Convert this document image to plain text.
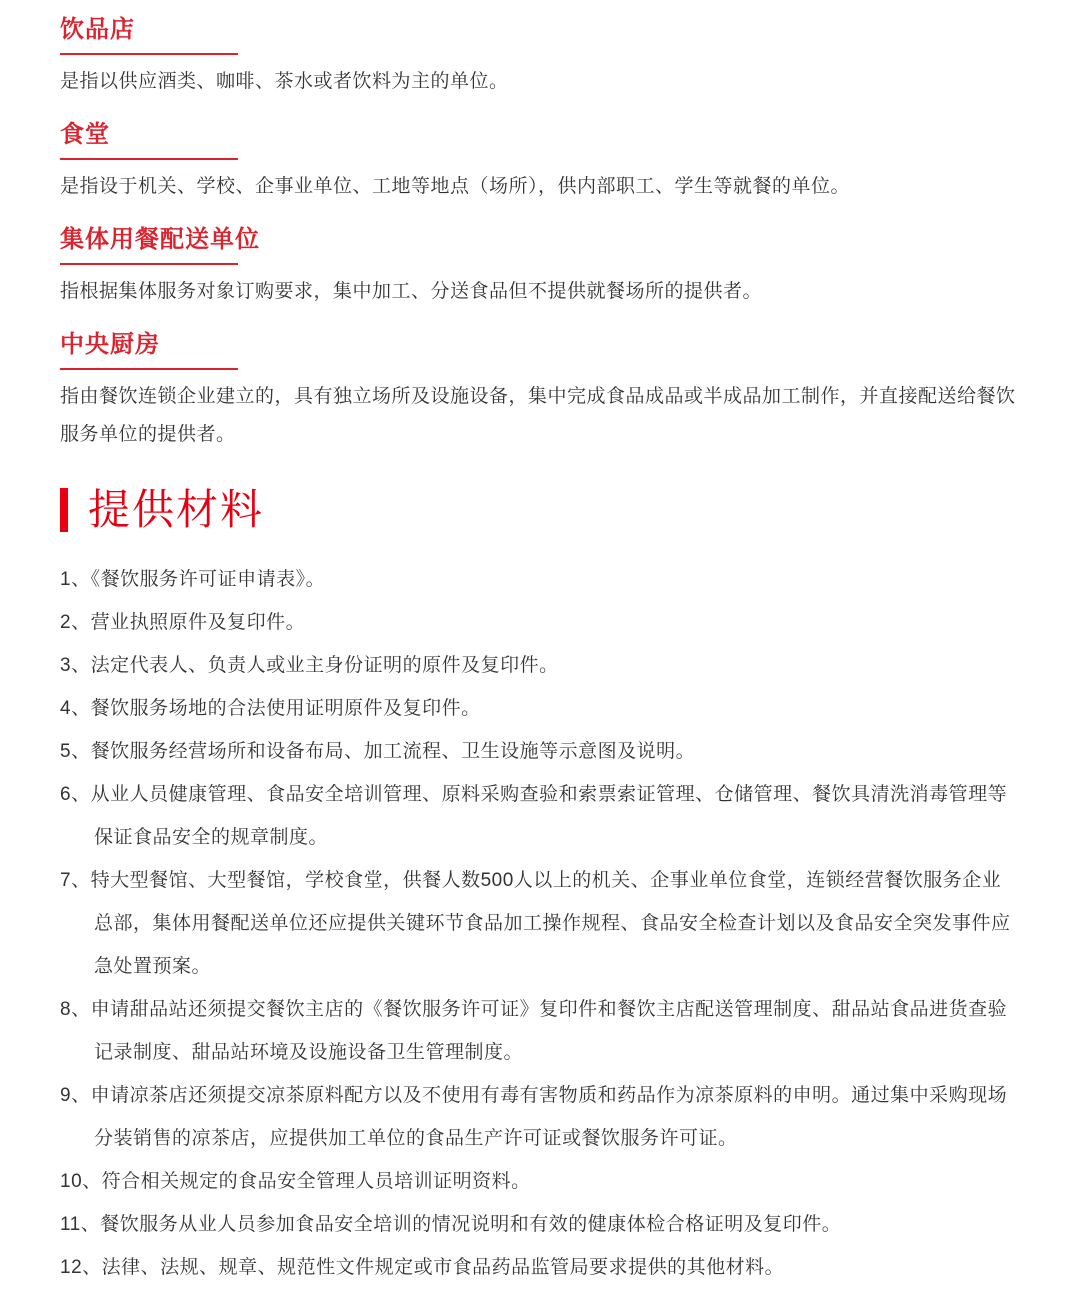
饮品店

是指以供应酒类、咖啡、茶水或者饮料为主的单位。

食堂

是指设于机关、学校、企事业单位、工地等地点（场所），供内部职工、学生等就餐的单位。

集体用餐配送单位

指根据集体服务对象订购要求，集中加工、分送食品但不提供就餐场所的提供者。

中央厨房

指由餐饮连锁企业建立的，具有独立场所及设施设备，集中完成食品成品或半成品加工制作，并直接配送给餐饮服务单位的提供者。

提供材料
1、《餐饮服务许可证申请表》。
2、营业执照原件及复印件。
3、法定代表人、负责人或业主身份证明的原件及复印件。
4、餐饮服务场地的合法使用证明原件及复印件。
5、餐饮服务经营场所和设备布局、加工流程、卫生设施等示意图及说明。
6、从业人员健康管理、食品安全培训管理、原料采购查验和索票索证管理、仓储管理、餐饮具清洗消毒管理等保证食品安全的规章制度。
7、特大型餐馆、大型餐馆，学校食堂，供餐人数500人以上的机关、企事业单位食堂，连锁经营餐饮服务企业总部，集体用餐配送单位还应提供关键环节食品加工操作规程、食品安全检查计划以及食品安全突发事件应急处置预案。
8、申请甜品站还须提交餐饮主店的《餐饮服务许可证》复印件和餐饮主店配送管理制度、甜品站食品进货查验记录制度、甜品站环境及设施设备卫生管理制度。
9、申请凉茶店还须提交凉茶原料配方以及不使用有毒有害物质和药品作为凉茶原料的申明。通过集中采购现场分装销售的凉茶店，应提供加工单位的食品生产许可证或餐饮服务许可证。
10、符合相关规定的食品安全管理人员培训证明资料。
11、餐饮服务从业人员参加食品安全培训的情况说明和有效的健康体检合格证明及复印件。
12、法律、法规、规章、规范性文件规定或市食品药品监管局要求提供的其他材料。
